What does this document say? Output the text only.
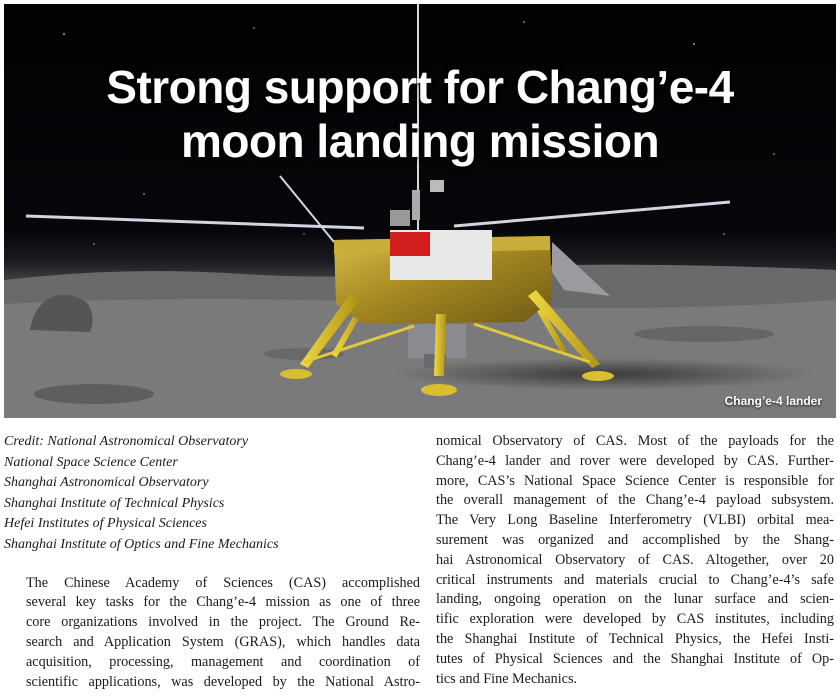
Strong support for Chang’e-4
moon landing mission
Chang’e-4 lander
Credit: National Astronomical Observatory
National Space Science Center
Shanghai Astronomical Observatory
Shanghai Institute of Technical Physics
Hefei Institutes of Physical Sciences
Shanghai Institute of Optics and Fine Mechanics

The Chinese Academy of Sciences (CAS) accomplished
several key tasks for the Chang’e-4 mission as one of three
core organizations involved in the project. The Ground Re-
search and Application System (GRAS), which handles data
acquisition, processing, management and coordination of
scientific applications, was developed by the National Astro-

nomical Observatory of CAS. Most of the payloads for the
Chang’e-4 lander and rover were developed by CAS. Further-
more, CAS’s National Space Science Center is responsible for
the overall management of the Chang’e-4 payload subsystem.
The Very Long Baseline Interferometry (VLBI) orbital mea-
surement was organized and accomplished by the Shang-
hai Astronomical Observatory of CAS. Altogether, over 20
critical instruments and materials crucial to Chang’e-4’s safe
landing, ongoing operation on the lunar surface and scien-
tific exploration were developed by CAS institutes, including
the Shanghai Institute of Technical Physics, the Hefei Insti-
tutes of Physical Sciences and the Shanghai Institute of Op-
tics and Fine Mechanics.
